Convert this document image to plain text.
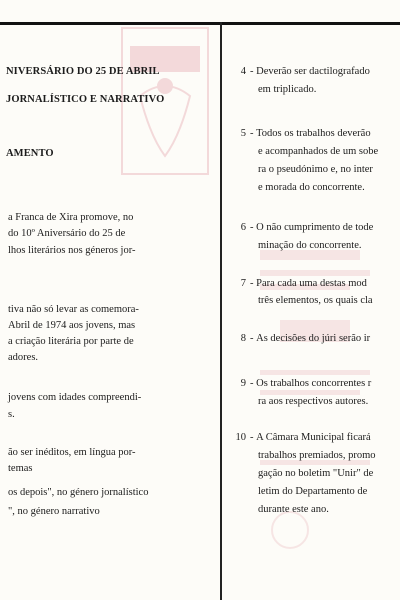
NIVERSÁRIO DO 25 DE ABRIL
JORNALÍSTICO E NARRATIVO
AMENTO
a Franca de Xira promove, no
do 10º Aniversário do 25 de
lhos literários nos géneros jor-
tiva não só levar as comemora-
Abril de 1974 aos jovens, mas
a criação literária por parte de
adores.
jovens com idades compreendi-
s.
ão ser inéditos, em língua por-
temas
os depois", no género jornalístico
", no género narrativo
4 - Deverão ser dactilografado
em triplicado.
5 - Todos os trabalhos deverão
e acompanhados de um sobe
ra o pseudónimo e, no inter
e morada do concorrente.
6 - O não cumprimento de tode
minação do concorrente.
7 - Para cada uma destas mod
três elementos, os quais cla
8 - As decisões do júri serão ir
9 - Os trabalhos concorrentes r
ra aos respectivos autores.
10 - A Câmara Municipal ficará
trabalhos premiados, promo
gação no boletim "Unir" de
letim do Departamento de
durante este ano.
